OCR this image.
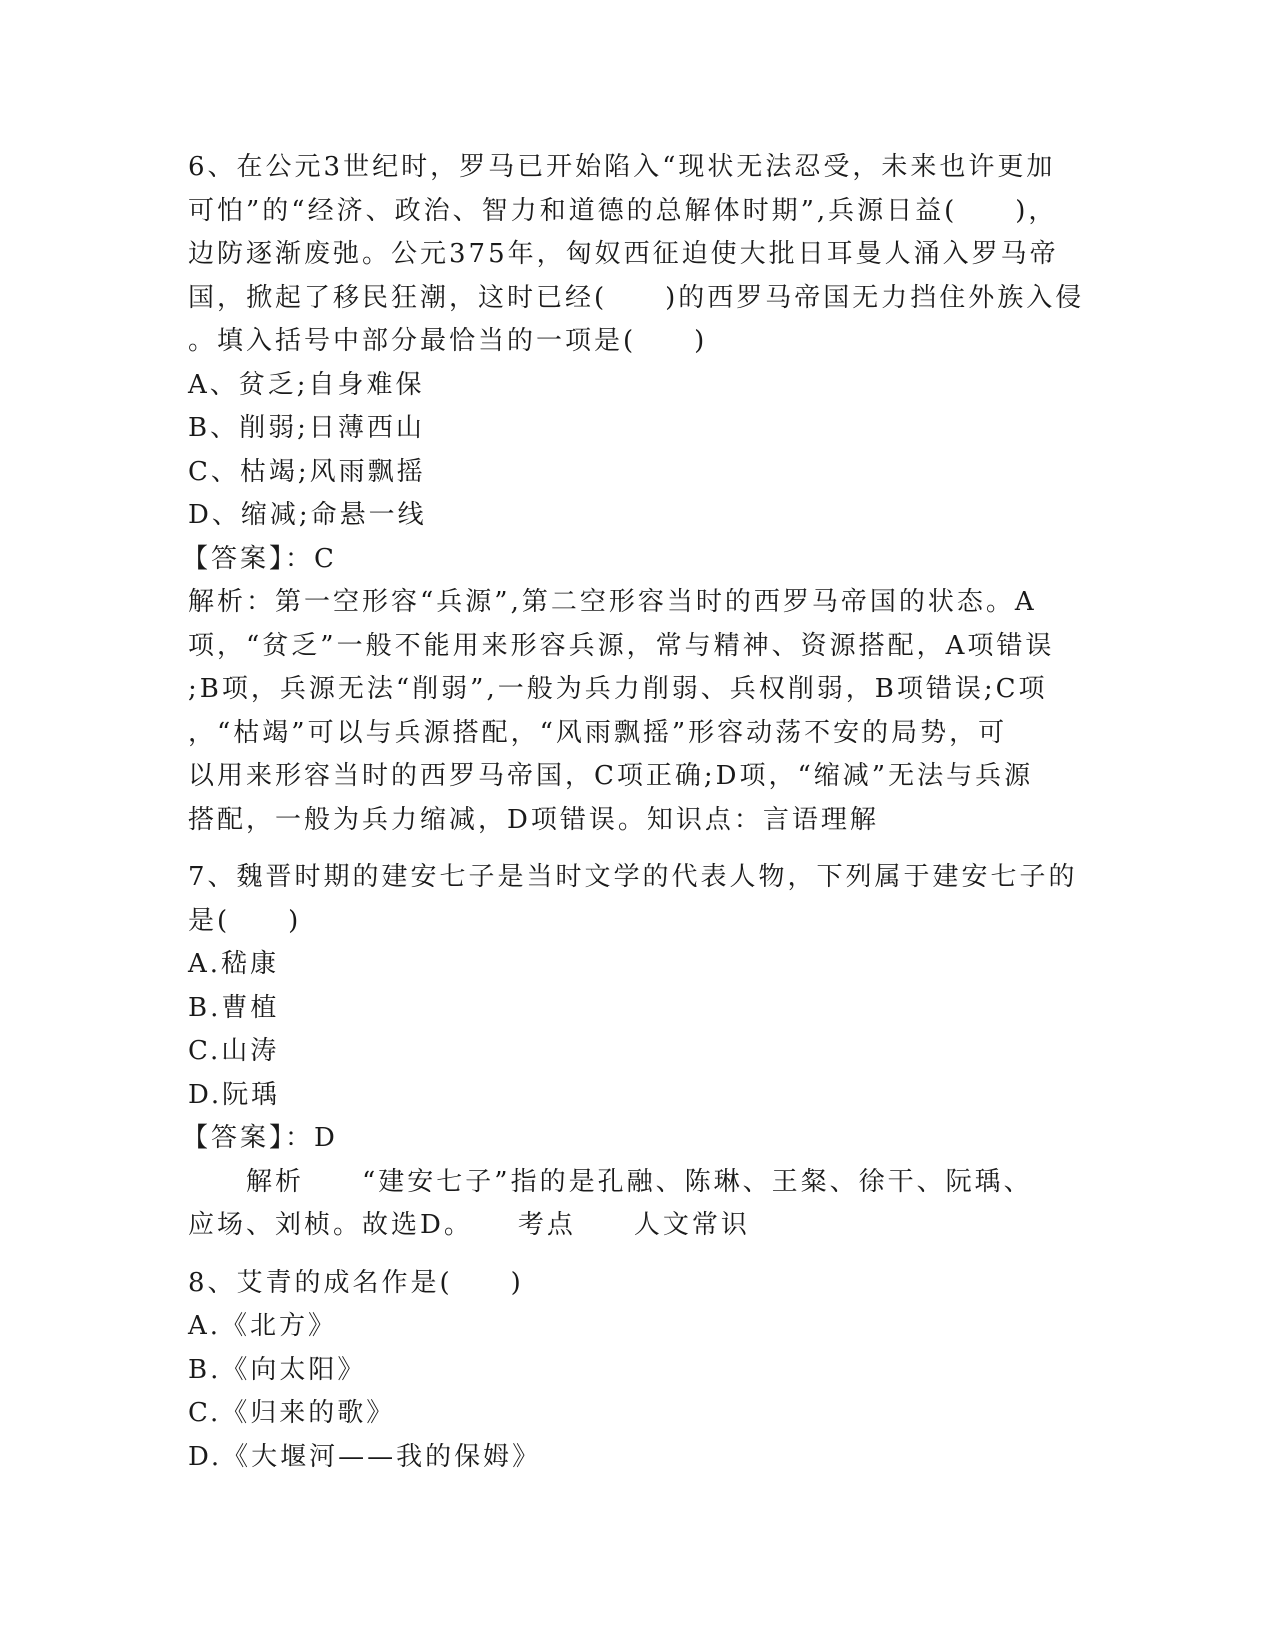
6、在公元3世纪时，罗马已开始陷入“现状无法忍受，未来也许更加
可怕”的“经济、政治、智力和道德的总解体时期”,兵源日益(　　)，
边防逐渐废弛。公元375年，匈奴西征迫使大批日耳曼人涌入罗马帝
国，掀起了移民狂潮，这时已经(　　)的西罗马帝国无力挡住外族入侵
。填入括号中部分最恰当的一项是(　　)
A、贫乏;自身难保
B、削弱;日薄西山
C、枯竭;风雨飘摇
D、缩减;命悬一线
【答案】：C
解析：第一空形容“兵源”,第二空形容当时的西罗马帝国的状态。A
项，“贫乏”一般不能用来形容兵源，常与精神、资源搭配，A项错误
;B项，兵源无法“削弱”,一般为兵力削弱、兵权削弱，B项错误;C项
，“枯竭”可以与兵源搭配，“风雨飘摇”形容动荡不安的局势，可
以用来形容当时的西罗马帝国，C项正确;D项，“缩减”无法与兵源
搭配，一般为兵力缩减，D项错误。知识点：言语理解
7、魏晋时期的建安七子是当时文学的代表人物，下列属于建安七子的
是(　　)
A.嵇康
B.曹植
C.山涛
D.阮瑀
【答案】：D
解析　　“建安七子”指的是孔融、陈琳、王粲、徐干、阮瑀、
应场、刘桢。故选D。　　考点　　人文常识
8、艾青的成名作是(　　)
A.《北方》
B.《向太阳》
C.《归来的歌》
D.《大堰河——我的保姆》
